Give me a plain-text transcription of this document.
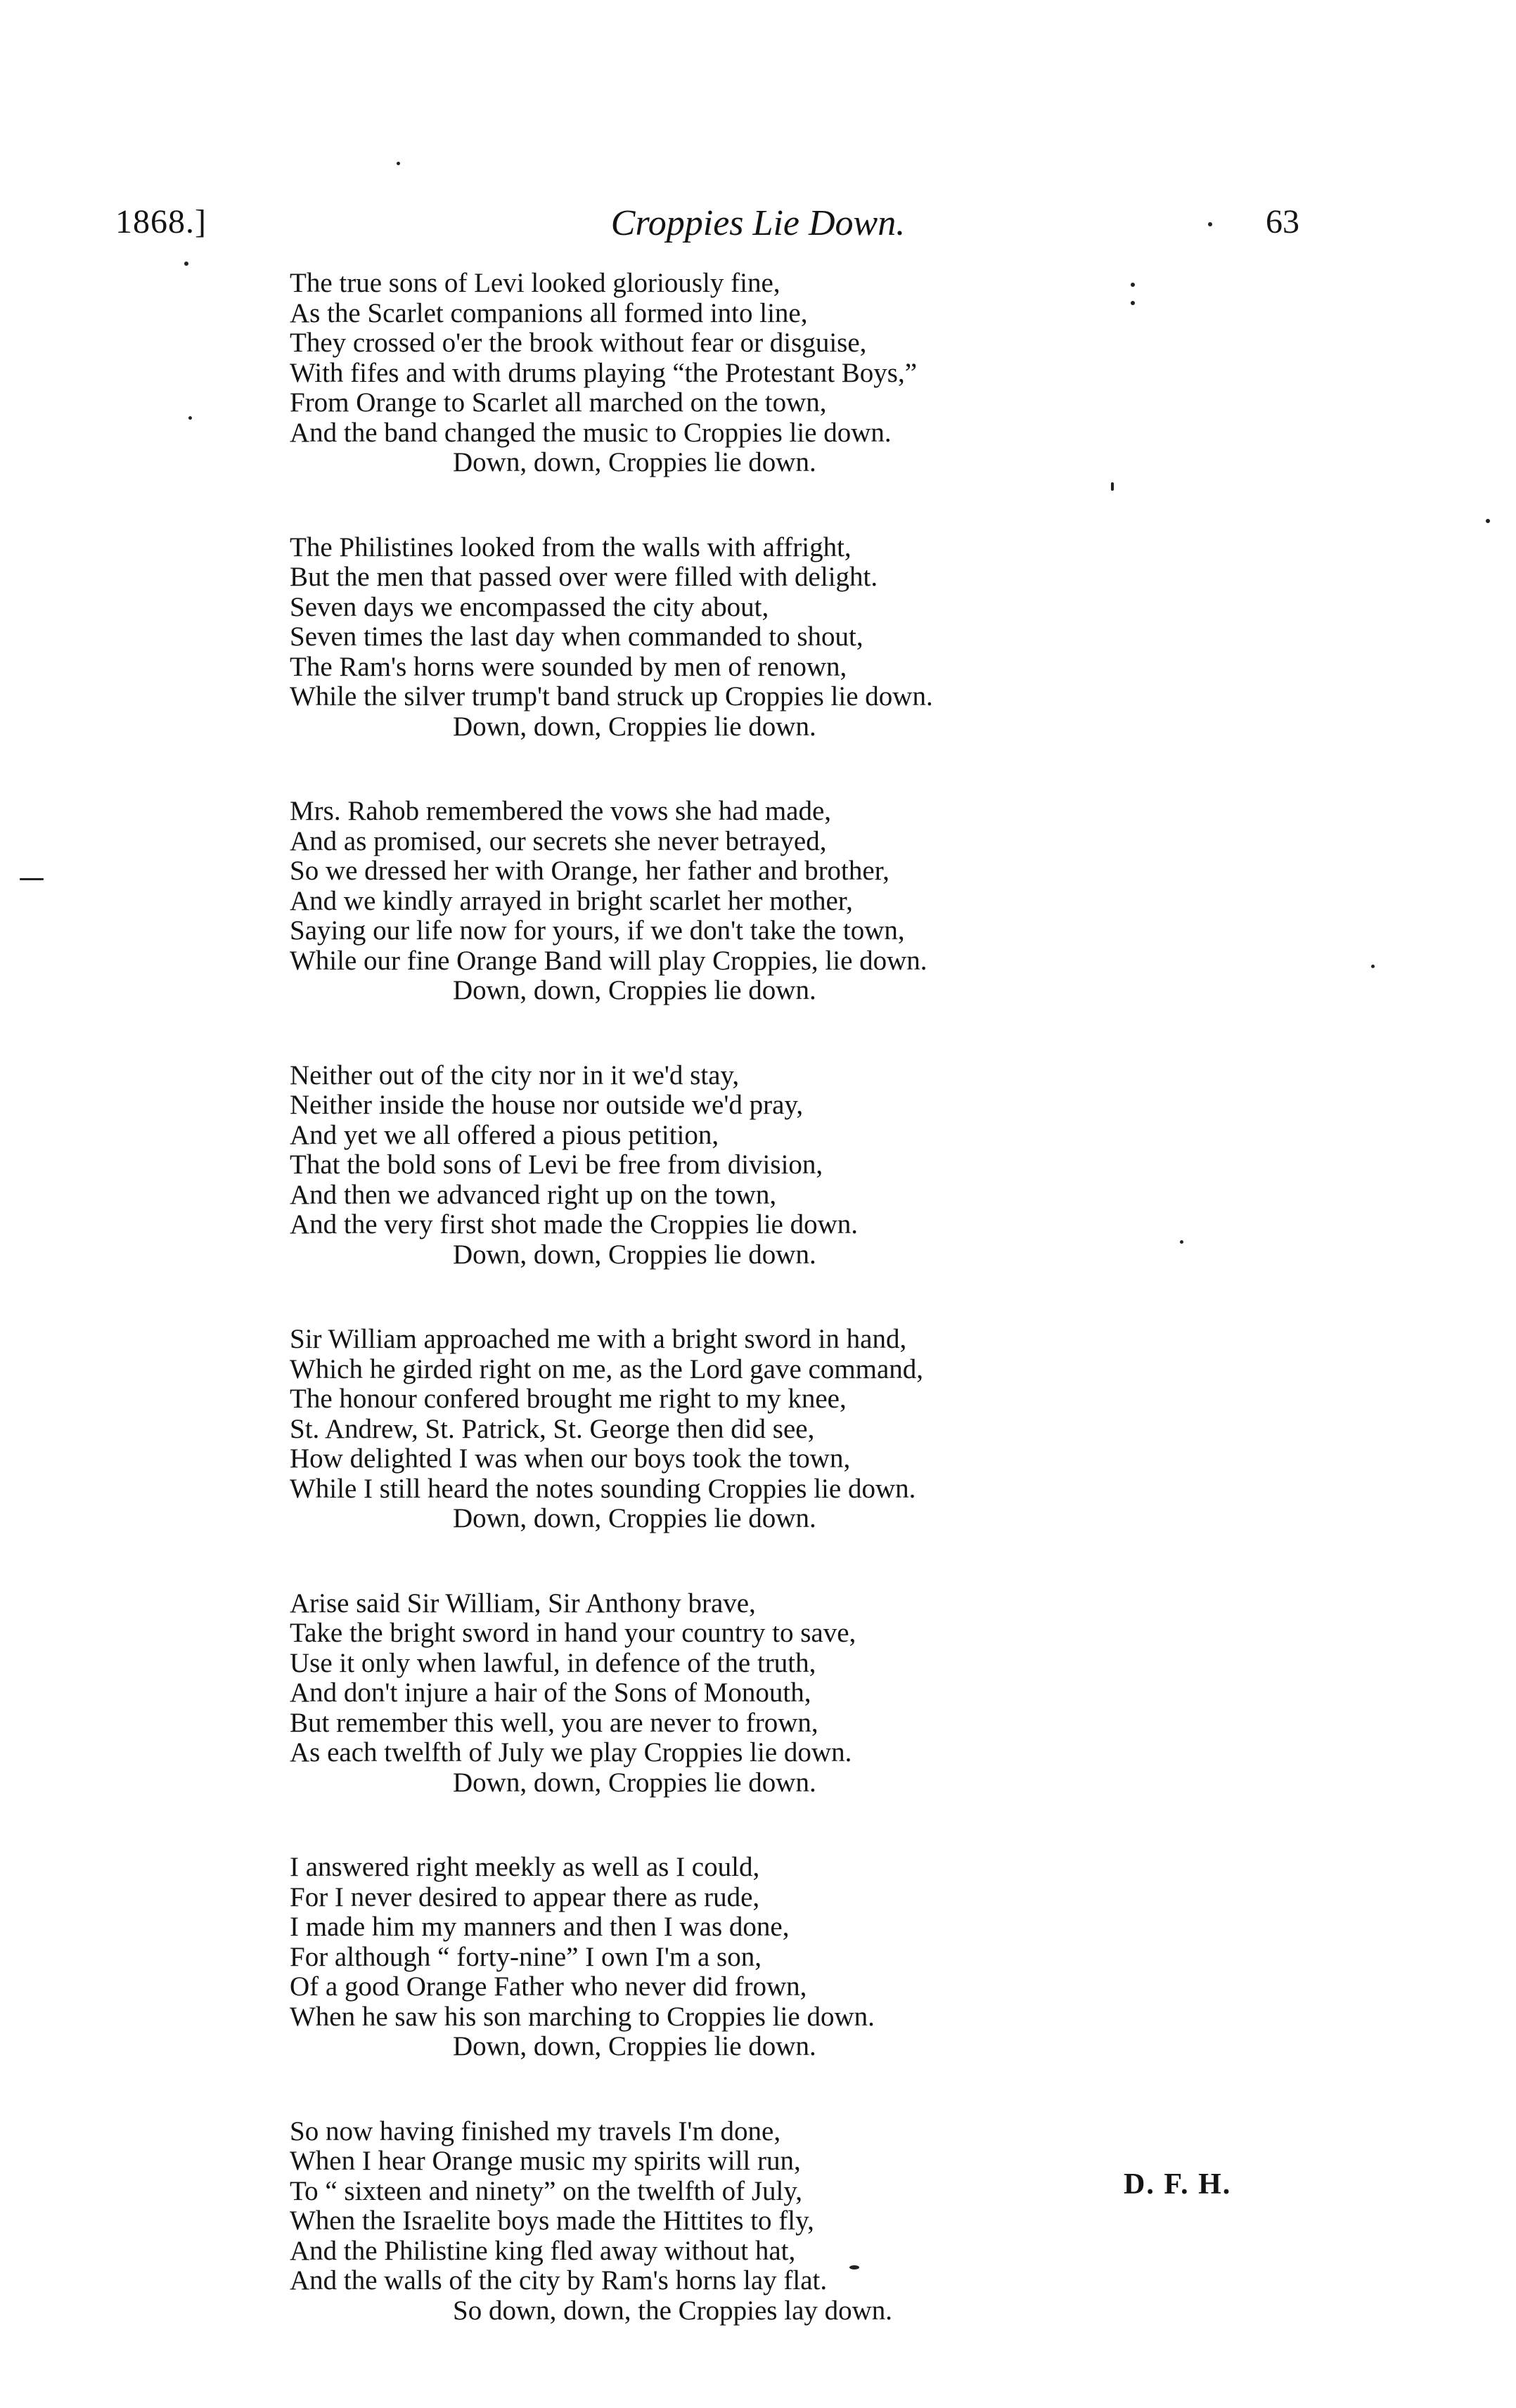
1868.]	Croppies Lie Down.	63
The true sons of Levi looked gloriously fine,
As the Scarlet companions all formed into line,
They crossed o'er the brook without fear or disguise,
With fifes and with drums playing “the Protestant Boys,”
From Orange to Scarlet all marched on the town,
And the band changed the music to Croppies lie down.
Down, down, Croppies lie down.
The Philistines looked from the walls with affright,
But the men that passed over were filled with delight.
Seven days we encompassed the city about,
Seven times the last day when commanded to shout,
The Ram's horns were sounded by men of renown,
While the silver trump't band struck up Croppies lie down.
Down, down, Croppies lie down.
Mrs. Rahob remembered the vows she had made,
And as promised, our secrets she never betrayed,
So we dressed her with Orange, her father and brother,
And we kindly arrayed in bright scarlet her mother,
Saying our life now for yours, if we don't take the town,
While our fine Orange Band will play Croppies, lie down.
Down, down, Croppies lie down.
Neither out of the city nor in it we'd stay,
Neither inside the house nor outside we'd pray,
And yet we all offered a pious petition,
That the bold sons of Levi be free from division,
And then we advanced right up on the town,
And the very first shot made the Croppies lie down.
Down, down, Croppies lie down.
Sir William approached me with a bright sword in hand,
Which he girded right on me, as the Lord gave command,
The honour confered brought me right to my knee,
St. Andrew, St. Patrick, St. George then did see,
How delighted I was when our boys took the town,
While I still heard the notes sounding Croppies lie down.
Down, down, Croppies lie down.
Arise said Sir William, Sir Anthony brave,
Take the bright sword in hand your country to save,
Use it only when lawful, in defence of the truth,
And don't injure a hair of the Sons of Monouth,
But remember this well, you are never to frown,
As each twelfth of July we play Croppies lie down.
Down, down, Croppies lie down.
I answered right meekly as well as I could,
For I never desired to appear there as rude,
I made him my manners and then I was done,
For although “ forty-nine” I own I'm a son,
Of a good Orange Father who never did frown,
When he saw his son marching to Croppies lie down.
Down, down, Croppies lie down.
So now having finished my travels I'm done,
When I hear Orange music my spirits will run,
To “ sixteen and ninety” on the twelfth of July,
When the Israelite boys made the Hittites to fly,
And the Philistine king fled away without hat,
And the walls of the city by Ram's horns lay flat.
So down, down, the Croppies lay down.
D. F. H.
